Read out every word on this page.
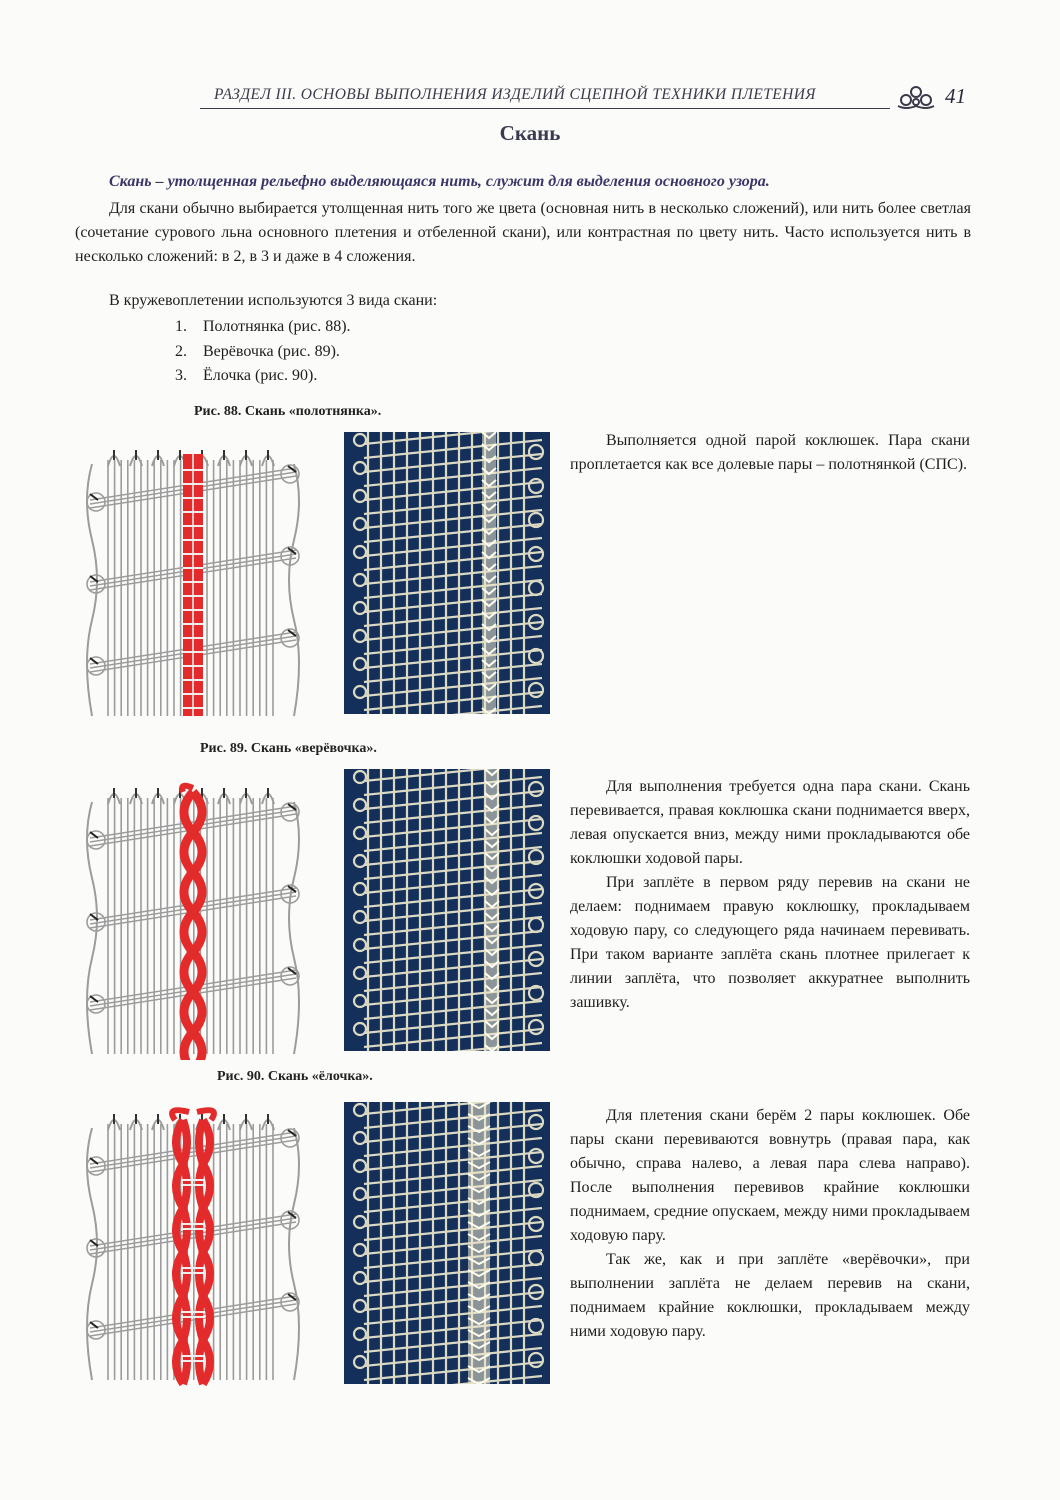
РАЗДЕЛ III. ОСНОВЫ ВЫПОЛНЕНИЯ ИЗДЕЛИЙ СЦЕПНОЙ ТЕХНИКИ ПЛЕТЕНИЯ	41
Скань

Скань – утолщенная рельефно выделяющаяся нить, служит для выделения основного узора.

Для скани обычно выбирается утолщенная нить того же цвета (основная нить в несколько сложений), или нить более светлая (сочетание сурового льна основного плетения и отбеленной скани), или контрастная по цвету нить. Часто используется нить в несколько сложений: в 2, в 3 и даже в 4 сложения.

В кружевоплетении используются 3 вида скани:

1. Полотнянка (рис. 88).
2. Верёвочка (рис. 89).
3. Ёлочка (рис. 90).
Рис. 88. Скань «полотнянка».

Выполняется одной парой коклюшек. Пара скани проплетается как все долевые пары – полотнянкой (СПС).

Рис. 89. Скань «верёвочка».

Для выполнения требуется одна пара скани. Скань перевивается, правая коклюшка скани поднимается вверх, левая опускается вниз, между ними прокладываются обе коклюшки ходовой пары.

При заплёте в первом ряду перевив на скани не делаем: поднимаем правую коклюшку, прокладываем ходовую пару, со следующего ряда начинаем перевивать. При таком варианте заплёта скань плотнее прилегает к линии заплёта, что позволяет аккуратнее выполнить зашивку.

Рис. 90. Скань «ёлочка».

Для плетения скани берём 2 пары коклюшек. Обе пары скани перевиваются вовнутрь (правая пара, как обычно, справа налево, а левая пара слева направо). После выполнения перевивов крайние коклюшки поднимаем, средние опускаем, между ними прокладываем ходовую пару.

Так же, как и при заплёте «верёвочки», при выполнении заплёта не делаем перевив на скани, поднимаем крайние коклюшки, прокладываем между ними ходовую пару.
